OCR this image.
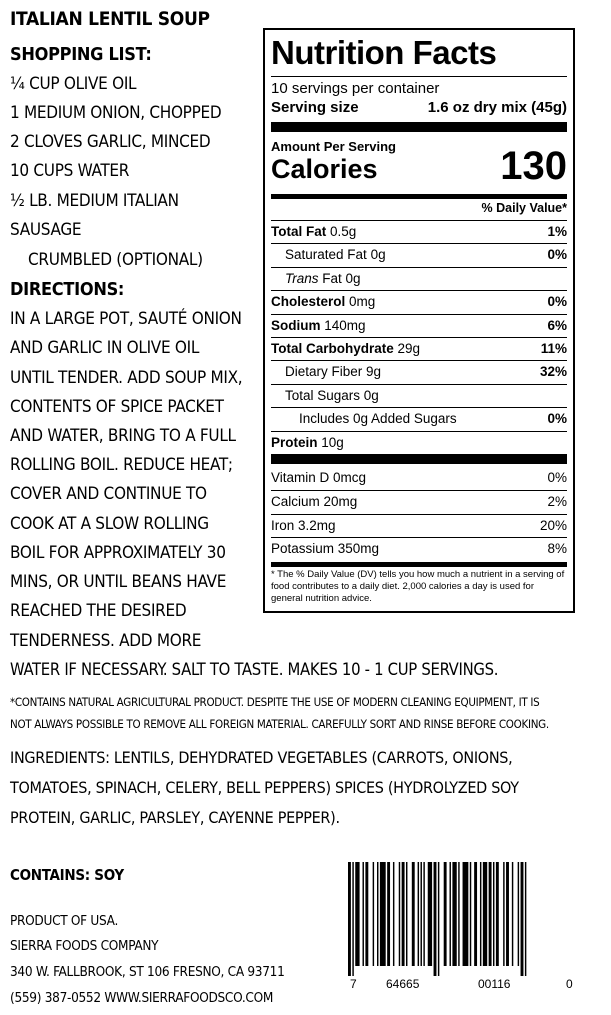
ITALIAN LENTIL SOUP
SHOPPING LIST:
¼ CUP OLIVE OIL
1 MEDIUM ONION, CHOPPED
2 CLOVES GARLIC, MINCED
10 CUPS WATER
½ LB. MEDIUM ITALIAN
SAUSAGE
CRUMBLED (OPTIONAL)
DIRECTIONS:
IN A LARGE POT, SAUTÉ ONION
AND GARLIC IN OLIVE OIL
UNTIL TENDER. ADD SOUP MIX,
CONTENTS OF SPICE PACKET
AND WATER, BRING TO A FULL
ROLLING BOIL. REDUCE HEAT;
COVER AND CONTINUE TO
COOK AT A SLOW ROLLING
BOIL FOR APPROXIMATELY 30
MINS, OR UNTIL BEANS HAVE
REACHED THE DESIRED
TENDERNESS. ADD MORE
WATER IF NECESSARY. SALT TO TASTE. MAKES 10 - 1 CUP SERVINGS.
*CONTAINS NATURAL AGRICULTURAL PRODUCT. DESPITE THE USE OF MODERN CLEANING EQUIPMENT, IT IS
NOT ALWAYS POSSIBLE TO REMOVE ALL FOREIGN MATERIAL. CAREFULLY SORT AND RINSE BEFORE COOKING.
INGREDIENTS: LENTILS, DEHYDRATED VEGETABLES (CARROTS, ONIONS,
TOMATOES, SPINACH, CELERY, BELL PEPPERS) SPICES (HYDROLYZED SOY
PROTEIN, GARLIC, PARSLEY, CAYENNE PEPPER).
CONTAINS: SOY
PRODUCT OF USA.
SIERRA FOODS COMPANY
340 W. FALLBROOK, ST 106 FRESNO, CA 93711
(559) 387-0552 WWW.SIERRAFOODSCO.COM
Nutrition Facts
10 servings per container
Serving size	1.6 oz dry mix (45g)
Amount Per Serving
Calories	130
% Daily Value*
Total Fat 0.5g	1%
Saturated Fat 0g	0%
Trans Fat 0g
Cholesterol 0mg	0%
Sodium 140mg	6%
Total Carbohydrate 29g	11%
Dietary Fiber 9g	32%
Total Sugars 0g
Includes 0g Added Sugars	0%
Protein 10g
Vitamin D 0mcg	0%
Calcium 20mg	2%
Iron 3.2mg	20%
Potassium 350mg	8%
* The % Daily Value (DV) tells you how much a nutrient in a serving of food contributes to a daily diet. 2,000 calories a day is used for general nutrition advice.
7 64665	00116	0
